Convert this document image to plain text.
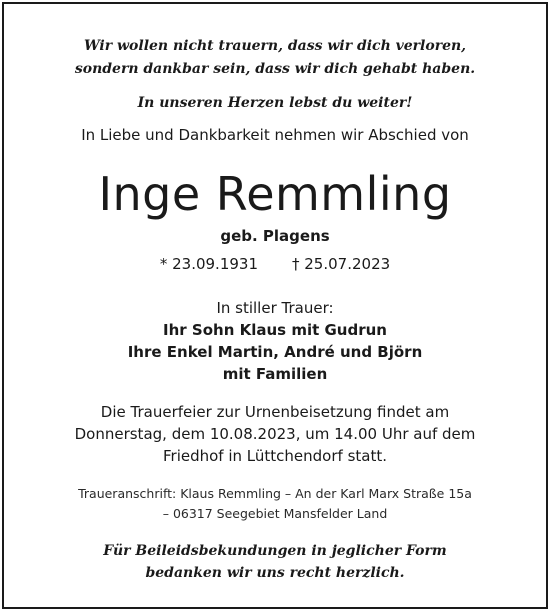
Wir wollen nicht trauern, dass wir dich verloren,
sondern dankbar sein, dass wir dich gehabt haben.
In unseren Herzen lebst du weiter!
In Liebe und Dankbarkeit nehmen wir Abschied von
Inge Remmling
geb. Plagens
* 23.09.1931 † 25.07.2023
In stiller Trauer:
Ihr Sohn Klaus mit Gudrun
Ihre Enkel Martin, André und Björn
mit Familien
Die Trauerfeier zur Urnenbeisetzung findet am
Donnerstag, dem 10.08.2023, um 14.00 Uhr auf dem
Friedhof in Lüttchendorf statt.
Traueranschrift: Klaus Remmling – An der Karl Marx Straße 15a
– 06317 Seegebiet Mansfelder Land
Für Beileidsbekundungen in jeglicher Form
bedanken wir uns recht herzlich.
